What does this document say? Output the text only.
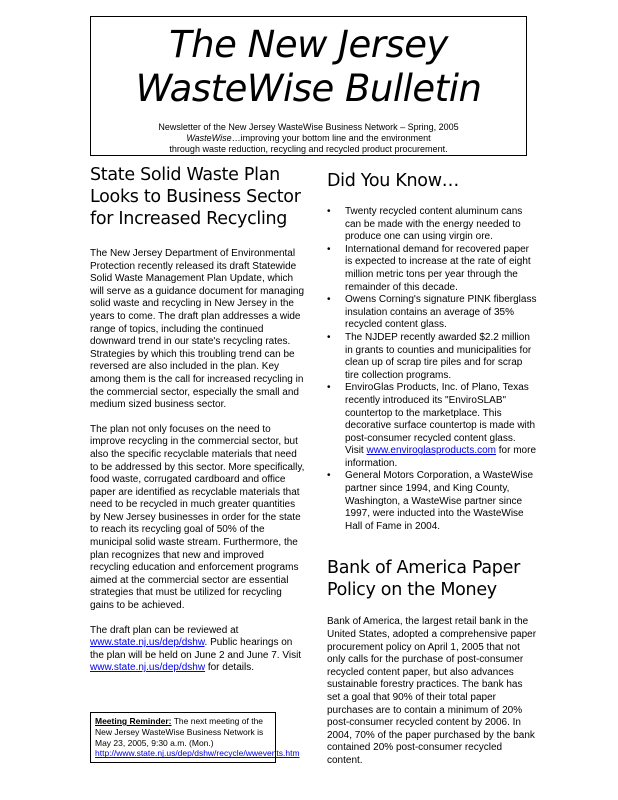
The New Jersey
WasteWise Bulletin
Newsletter of the New Jersey WasteWise Business Network – Spring, 2005
WasteWise…improving your bottom line and the environment
through waste reduction, recycling and recycled product procurement.
State Solid Waste Plan Looks to Business Sector for Increased Recycling

The New Jersey Department of Environmental Protection recently released its draft Statewide Solid Waste Management Plan Update, which will serve as a guidance document for managing solid waste and recycling in New Jersey in the years to come. The draft plan addresses a wide range of topics, including the continued downward trend in our state's recycling rates. Strategies by which this troubling trend can be reversed are also included in the plan. Key among them is the call for increased recycling in the commercial sector, especially the small and medium sized business sector.

The plan not only focuses on the need to improve recycling in the commercial sector, but also the specific recyclable materials that need to be addressed by this sector. More specifically, food waste, corrugated cardboard and office paper are identified as recyclable materials that need to be recycled in much greater quantities by New Jersey businesses in order for the state to reach its recycling goal of 50% of the municipal solid waste stream. Furthermore, the plan recognizes that new and improved recycling education and enforcement programs aimed at the commercial sector are essential strategies that must be utilized for recycling gains to be achieved.

The draft plan can be reviewed at www.state.nj.us/dep/dshw. Public hearings on the plan will be held on June 2 and June 7. Visit www.state.nj.us/dep/dshw for details.

Meeting Reminder: The next meeting of the New Jersey WasteWise Business Network is May 23, 2005, 9:30 a.m. (Mon.) http://www.state.nj.us/dep/dshw/recycle/wwevents.htm
Did You Know…
• Twenty recycled content aluminum cans can be made with the energy needed to produce one can using virgin ore.
• International demand for recovered paper is expected to increase at the rate of eight million metric tons per year through the remainder of this decade.
• Owens Corning's signature PINK fiberglass insulation contains an average of 35% recycled content glass.
• The NJDEP recently awarded $2.2 million in grants to counties and municipalities for clean up of scrap tire piles and for scrap tire collection programs.
• EnviroGlas Products, Inc. of Plano, Texas recently introduced its "EnviroSLAB" countertop to the marketplace. This decorative surface countertop is made with post-consumer recycled content glass. Visit www.enviroglasproducts.com for more information.
• General Motors Corporation, a WasteWise partner since 1994, and King County, Washington, a WasteWise partner since 1997, were inducted into the WasteWise Hall of Fame in 2004.
Bank of America Paper Policy on the Money

Bank of America, the largest retail bank in the United States, adopted a comprehensive paper procurement policy on April 1, 2005 that not only calls for the purchase of post-consumer recycled content paper, but also advances sustainable forestry practices. The bank has set a goal that 90% of their total paper purchases are to contain a minimum of 20% post-consumer recycled content by 2006. In 2004, 70% of the paper purchased by the bank contained 20% post-consumer recycled content.
